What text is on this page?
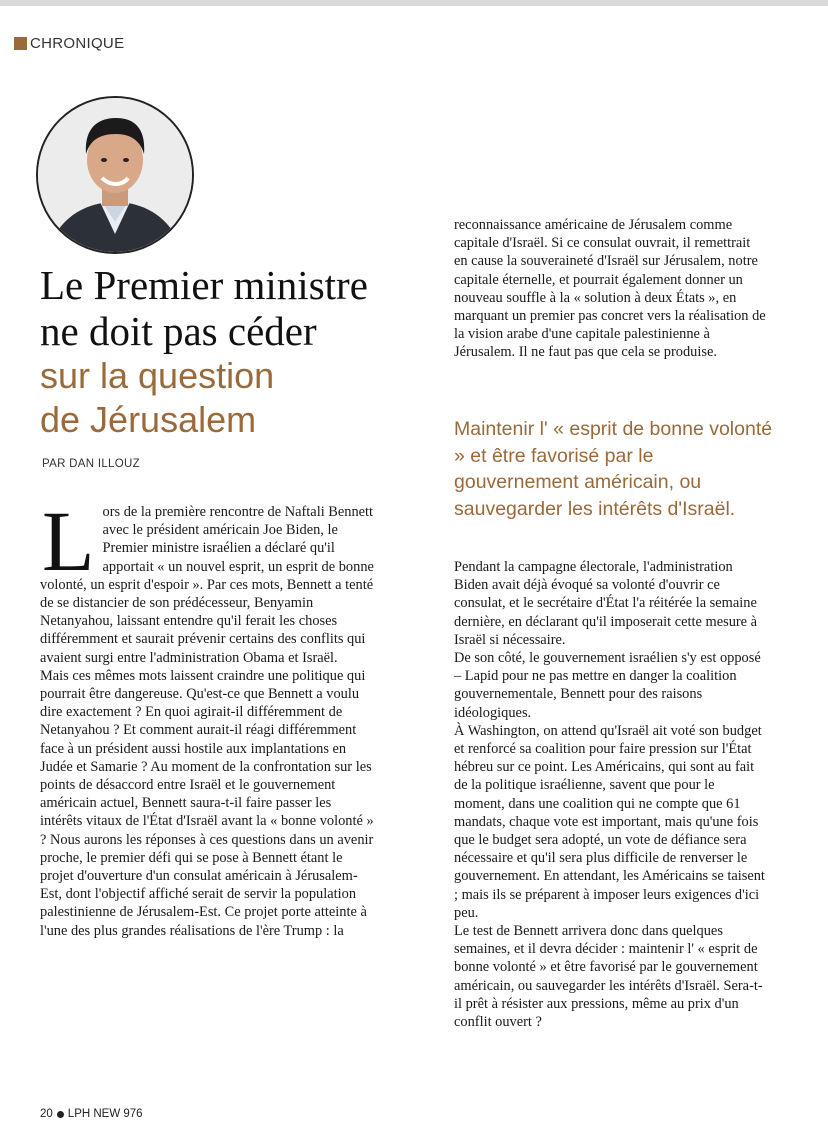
CHRONIQUE
Le Premier ministre
ne doit pas céder
sur la question
de Jérusalem
PAR DAN ILLOUZ

Lors de la première rencontre de Naftali Bennett avec le président américain Joe Biden, le Premier ministre israélien a déclaré qu'il apportait « un nouvel esprit, un esprit de bonne volonté, un esprit d'espoir ». Par ces mots, Bennett a tenté de se distancier de son prédécesseur, Benyamin Netanyahou, laissant entendre qu'il ferait les choses différemment et saurait prévenir certains des conflits qui avaient surgi entre l'administration Obama et Israël.

Mais ces mêmes mots laissent craindre une politique qui pourrait être dangereuse. Qu'est-ce que Bennett a voulu dire exactement ? En quoi agirait-il différemment de Netanyahou ? Et comment aurait-il réagi différemment face à un président aussi hostile aux implantations en Judée et Samarie ? Au moment de la confrontation sur les points de désaccord entre Israël et le gouvernement américain actuel, Bennett saura-t-il faire passer les intérêts vitaux de l'État d'Israël avant la « bonne volonté » ? Nous aurons les réponses à ces questions dans un avenir proche, le premier défi qui se pose à Bennett étant le projet d'ouverture d'un consulat américain à Jérusalem-Est, dont l'objectif affiché serait de servir la population palestinienne de Jérusalem-Est. Ce projet porte atteinte à l'une des plus grandes réalisations de l'ère Trump : la

reconnaissance américaine de Jérusalem comme capitale d'Israël. Si ce consulat ouvrait, il remettrait en cause la souveraineté d'Israël sur Jérusalem, notre capitale éternelle, et pourrait également donner un nouveau souffle à la « solution à deux États », en marquant un premier pas concret vers la réalisation de la vision arabe d'une capitale palestinienne à Jérusalem. Il ne faut pas que cela se produise.

Maintenir l' « esprit de bonne volonté » et être favorisé par le gouvernement américain, ou sauvegarder les intérêts d'Israël.

Pendant la campagne électorale, l'administration Biden avait déjà évoqué sa volonté d'ouvrir ce consulat, et le secrétaire d'État l'a réitérée la semaine dernière, en déclarant qu'il imposerait cette mesure à Israël si nécessaire.

De son côté, le gouvernement israélien s'y est opposé – Lapid pour ne pas mettre en danger la coalition gouvernementale, Bennett pour des raisons idéologiques.

À Washington, on attend qu'Israël ait voté son budget et renforcé sa coalition pour faire pression sur l'État hébreu sur ce point. Les Américains, qui sont au fait de la politique israélienne, savent que pour le moment, dans une coalition qui ne compte que 61 mandats, chaque vote est important, mais qu'une fois que le budget sera adopté, un vote de défiance sera nécessaire et qu'il sera plus difficile de renverser le gouvernement. En attendant, les Américains se taisent ; mais ils se préparent à imposer leurs exigences d'ici peu.

Le test de Bennett arrivera donc dans quelques semaines, et il devra décider : maintenir l' « esprit de bonne volonté » et être favorisé par le gouvernement américain, ou sauvegarder les intérêts d'Israël. Sera-t-il prêt à résister aux pressions, même au prix d'un conflit ouvert ?

20 LPH NEW 976
